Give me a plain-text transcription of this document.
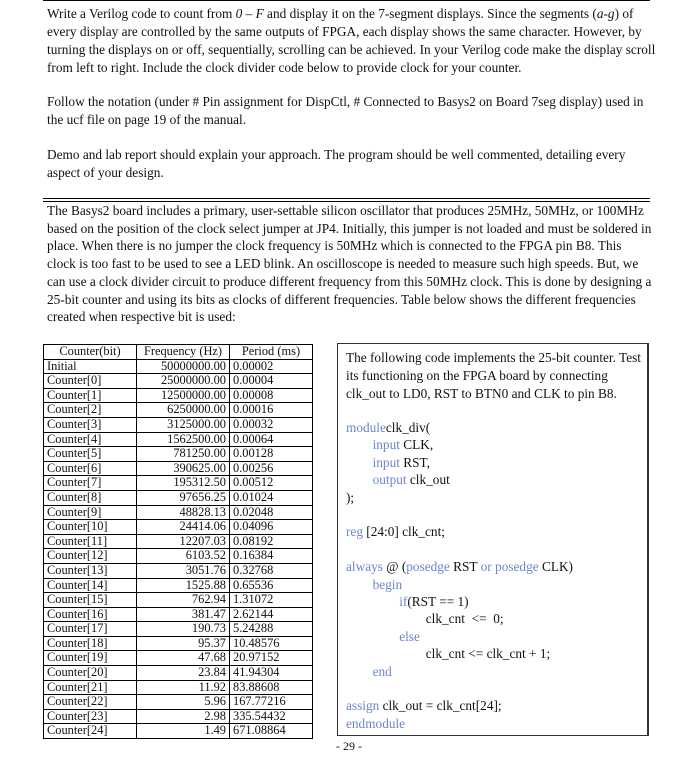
Write a Verilog code to count from 0 – F and display it on the 7-segment displays. Since the segments (a-g) of every display are controlled by the same outputs of FPGA, each display shows the same character. However, by turning the displays on or off, sequentially, scrolling can be achieved. In your Verilog code make the display scroll from left to right. Include the clock divider code below to provide clock for your counter.

Follow the notation (under # Pin assignment for DispCtl, # Connected to Basys2 on Board 7seg display) used in the ucf file on page 19 of the manual.

Demo and lab report should explain your approach. The program should be well commented, detailing every aspect of your design.

The Basys2 board includes a primary, user-settable silicon oscillator that produces 25MHz, 50MHz, or 100MHz based on the position of the clock select jumper at JP4. Initially, this jumper is not loaded and must be soldered in place. When there is no jumper the clock frequency is 50MHz which is connected to the FPGA pin B8. This clock is too fast to be used to see a LED blink. An oscilloscope is needed to measure such high speeds. But, we can use a clock divider circuit to produce different frequency from this 50MHz clock. This is done by designing a 25-bit counter and using its bits as clocks of different frequencies. Table below shows the different frequencies created when respective bit is used:

Counter(bit)	Frequency (Hz)	Period (ms)
Initial	50000000.00	0.00002
Counter[0]	25000000.00	0.00004
Counter[1]	12500000.00	0.00008
Counter[2]	6250000.00	0.00016
Counter[3]	3125000.00	0.00032
Counter[4]	1562500.00	0.00064
Counter[5]	781250.00	0.00128
Counter[6]	390625.00	0.00256
Counter[7]	195312.50	0.00512
Counter[8]	97656.25	0.01024
Counter[9]	48828.13	0.02048
Counter[10]	24414.06	0.04096
Counter[11]	12207.03	0.08192
Counter[12]	6103.52	0.16384
Counter[13]	3051.76	0.32768
Counter[14]	1525.88	0.65536
Counter[15]	762.94	1.31072
Counter[16]	381.47	2.62144
Counter[17]	190.73	5.24288
Counter[18]	95.37	10.48576
Counter[19]	47.68	20.97152
Counter[20]	23.84	41.94304
Counter[21]	11.92	83.88608
Counter[22]	5.96	167.77216
Counter[23]	2.98	335.54432
Counter[24]	1.49	671.08864
The following code implements the 25-bit counter. Test its functioning on the FPGA board by connecting clk_out to LD0, RST to BTN0 and CLK to pin B8.
moduleclk_div(
input CLK,
input RST,
output clk_out
);
reg [24:0] clk_cnt;
always @ (posedge RST or posedge CLK)
begin
if(RST == 1)
clk_cnt  <=  0;
else
clk_cnt <= clk_cnt + 1;
end
assign clk_out = clk_cnt[24];
endmodule
- 29 -
